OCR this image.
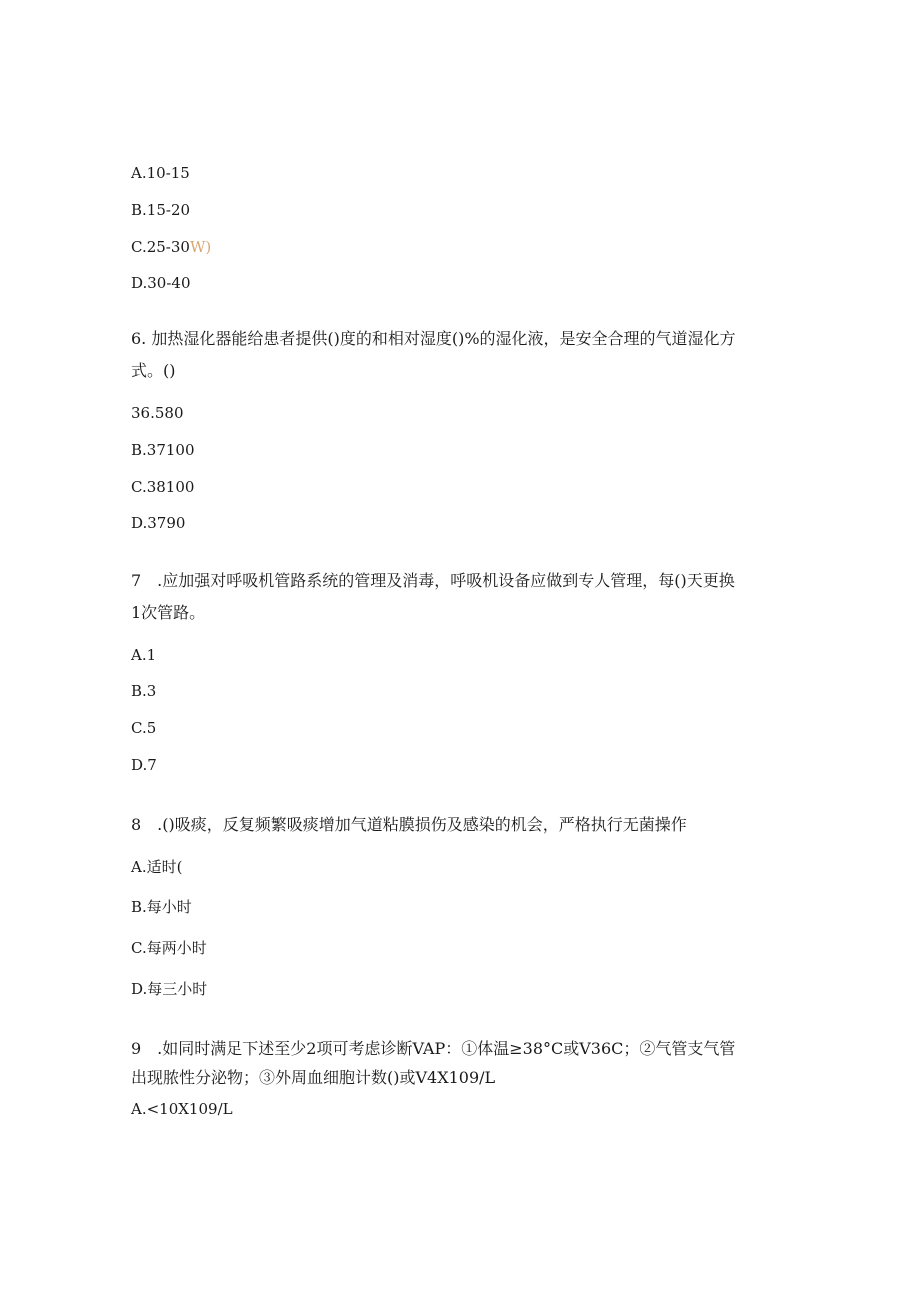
A.10-15
B.15-20
C.25-30W)
D.30-40
6. 加热湿化器能给患者提供()度的和相对湿度()%的湿化液，是安全合理的气道湿化方
式。()
36.580
B.37100
C.38100
D.3790
7　.应加强对呼吸机管路系统的管理及消毒，呼吸机设备应做到专人管理，每()天更换
1次管路。
A.1
B.3
C.5
D.7
8　.()吸痰，反复频繁吸痰增加气道粘膜损伤及感染的机会，严格执行无菌操作
A.适时(
B.每小时
C.每两小时
D.每三小时
9　.如同时满足下述至少2项可考虑诊断VAP：①体温≥38°C或V36C；②气管支气管
出现脓性分泌物；③外周血细胞计数()或V4X109/L
A.<10X109/L
